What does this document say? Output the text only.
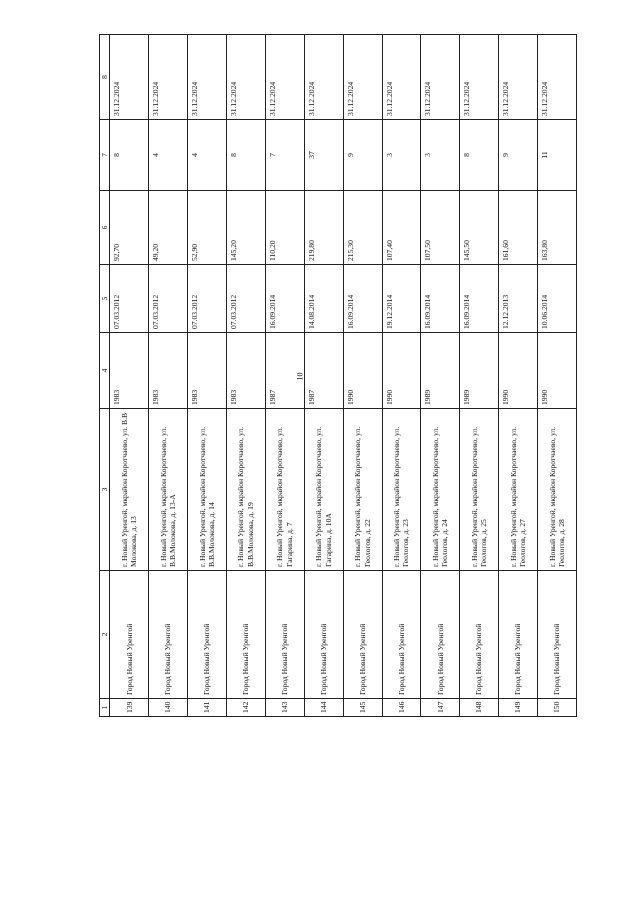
10
1	2	3	4	5	6	7	8
139	Город Новый Уренгой	г. Новый Уренгой, мкрайон Коротчаево, ул. В.В Молокова, д. 13	1983	07.03.2012	92,70	8	31.12.2024
140	Город Новый Уренгой	г. Новый Уренгой, мкрайон Коротчаево, ул. В.В.Молокова, д. 13-А	1983	07.03.2012	49,20	4	31.12.2024
141	Город Новый Уренгой	г. Новый Уренгой, мкрайон Коротчаево, ул. В.В.Молокова, д. 14	1983	07.03.2012	52,90	4	31.12.2024
142	Город Новый Уренгой	г. Новый Уренгой, мкрайон Коротчаево, ул. В.В.Молокова, д. 19	1983	07.03.2012	145,20	8	31.12.2024
143	Город Новый Уренгой	г. Новый Уренгой, мкрайон Коротчаево, ул. Гагарина, д. 7	1987	16.09.2014	110,20	7	31.12.2024
144	Город Новый Уренгой	г. Новый Уренгой, мкрайон Коротчаево, ул. Гагарина, д. 10А	1987	14.08.2014	219,80	37	31.12.2024
145	Город Новый Уренгой	г. Новый Уренгой, мкрайон Коротчаево, ул. Геологов, д. 22	1990	16.09.2014	215,30	9	31.12.2024
146	Город Новый Уренгой	г. Новый Уренгой, мкрайон Коротчаево, ул. Геологов, д. 23	1990	19.12.2014	107,40	3	31.12.2024
147	Город Новый Уренгой	г. Новый Уренгой, мкрайон Коротчаево, ул. Геологов, д. 24	1989	16.09.2014	107,50	3	31.12.2024
148	Город Новый Уренгой	г. Новый Уренгой, мкрайон Коротчаево, ул. Геологов, д. 25	1989	16.09.2014	145,50	8	31.12.2024
149	Город Новый Уренгой	г. Новый Уренгой, мкрайон Коротчаево, ул. Геологов, д. 27	1990	12.12.2013	161,60	9	31.12.2024
150	Город Новый Уренгой	г. Новый Уренгой, мкрайон Коротчаево, ул. Геологов, д. 28	1990	10.06.2014	163,80	11	31.12.2024
